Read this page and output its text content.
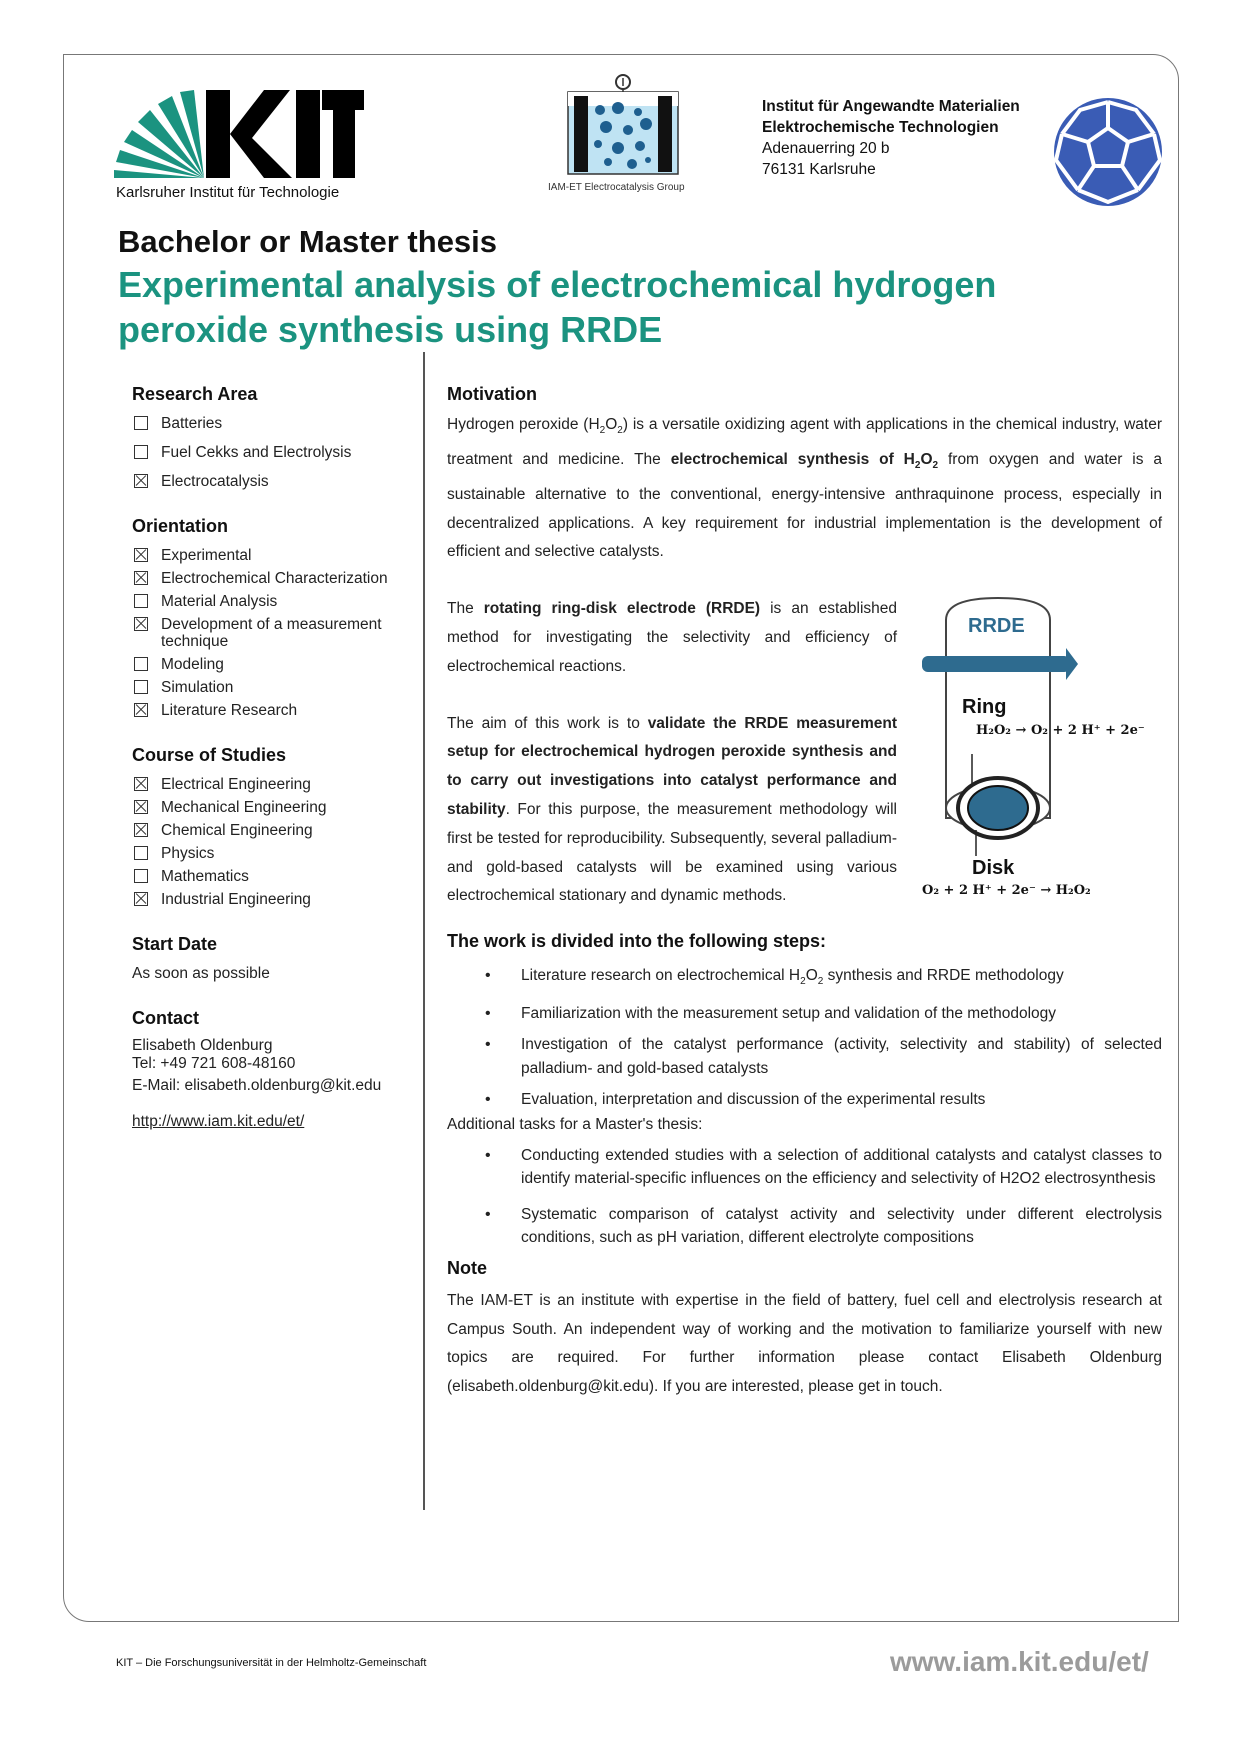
Karlsruher Institut für Technologie	IAM-ET Electrocatalysis Group
Institut für Angewandte Materialien
Elektrochemische Technologien
Adenauerring 20 b
76131 Karlsruhe
Bachelor or Master thesis
Experimental analysis of electrochemical hydrogen peroxide synthesis using RRDE
Research Area
Batteries
Fuel Cekks and Electrolysis
Electrocatalysis
Orientation
Experimental
Electrochemical Characterization
Material Analysis
Development of a measurement technique
Modeling
Simulation
Literature Research
Course of Studies
Electrical Engineering
Mechanical Engineering
Chemical Engineering
Physics
Mathematics
Industrial Engineering
Start Date
As soon as possible
Contact
Elisabeth Oldenburg
Tel: +49 721 608-48160
E-Mail: elisabeth.oldenburg@kit.edu
http://www.iam.kit.edu/et/
Motivation

Hydrogen peroxide $(H_2O_2)$ is a versatile oxidizing agent with applications in the chemical industry, water treatment and medicine. The electrochemical synthesis of $H_2O_2$ from oxygen and water is a sustainable alternative to the conventional, energy-intensive anthraquinone process, especially in decentralized applications. A key requirement for industrial implementation is the development of efficient and selective catalysts.

The rotating ring-disk electrode (RRDE) is an established method for investigating the selectivity and efficiency of electrochemical reactions.

The aim of this work is to validate the RRDE measurement setup for electrochemical hydrogen peroxide synthesis and to carry out investigations into catalyst performance and stability. For this purpose, the measurement methodology will first be tested for reproducibility. Subsequently, several palladium- and gold-based catalysts will be examined using various electrochemical stationary and dynamic methods.

The work is divided into the following steps:
• Literature research on electrochemical $H_2O_2$ synthesis and RRDE methodology
• Familiarization with the measurement setup and validation of the methodology
• Investigation of the catalyst performance (activity, selectivity and stability) of selected palladium- and gold-based catalysts
• Evaluation, interpretation and discussion of the experimental results
Additional tasks for a Master's thesis:
• Conducting extended studies with a selection of additional catalysts and catalyst classes to identify material-specific influences on the efficiency and selectivity of H2O2 electrosynthesis
• Systematic comparison of catalyst activity and selectivity under different electrolysis conditions, such as pH variation, different electrolyte compositions
Note

The IAM-ET is an institute with expertise in the field of battery, fuel cell and electrolysis research at Campus South. An independent way of working and the motivation to familiarize yourself with new topics are required. For further information please contact Elisabeth Oldenburg (elisabeth.oldenburg@kit.edu). If you are interested, please get in touch.

RRDE
Ring
H₂O₂ → O₂ + 2 H⁺ + 2e⁻
Disk
O₂ + 2 H⁺ + 2e⁻ → H₂O₂
KIT – Die Forschungsuniversität in der Helmholtz-Gemeinschaft	www.iam.kit.edu/et/
